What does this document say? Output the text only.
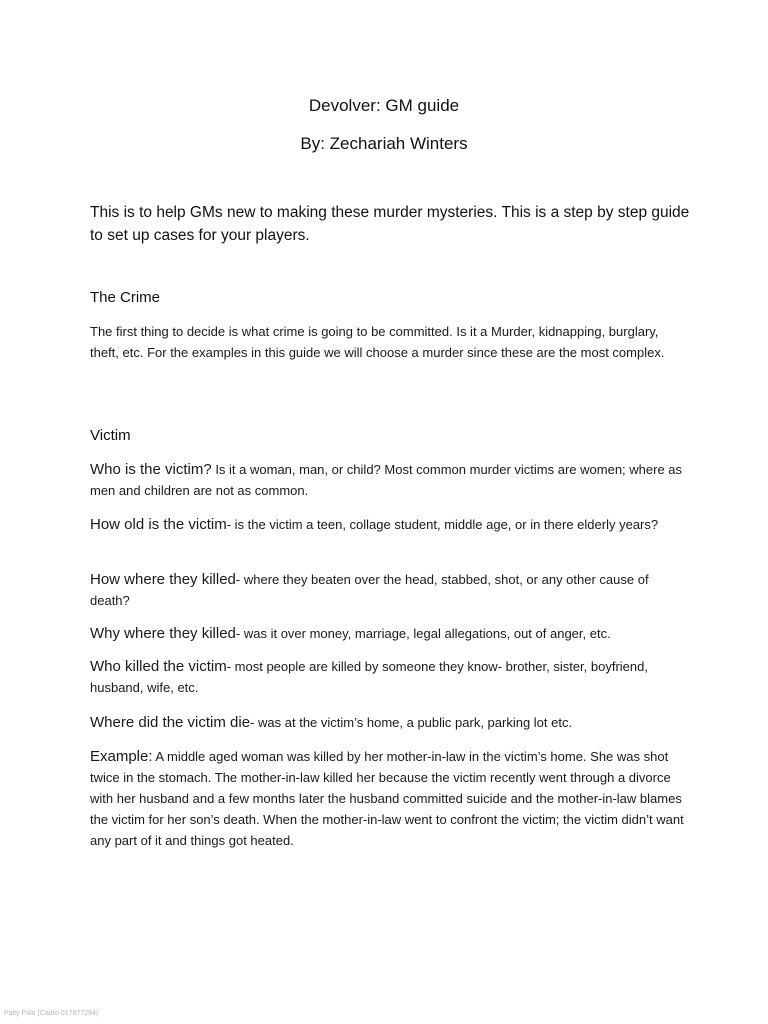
Devolver: GM guide
By: Zechariah Winters
This is to help GMs new to making these murder mysteries. This is a step by step guide to set up cases for your players.
The Crime
The first thing to decide is what crime is going to be committed. Is it a Murder, kidnapping, burglary, theft, etc. For the examples in this guide we will choose a murder since these are the most complex.
Victim
Who is the victim? Is it a woman, man, or child? Most common murder victims are women; where as men and children are not as common.
How old is the victim- is the victim a teen, collage student, middle age, or in there elderly years?
How where they killed- where they beaten over the head, stabbed, shot, or any other cause of death?
Why where they killed- was it over money, marriage, legal allegations, out of anger, etc.
Who killed the victim- most people are killed by someone they know- brother, sister, boyfriend, husband, wife, etc.
Where did the victim die- was at the victim’s home, a public park, parking lot etc.
Example: A middle aged woman was killed by her mother-in-law in the victim’s home. She was shot twice in the stomach. The mother-in-law killed her because the victim recently went through a divorce with her husband and a few months later the husband committed suicide and the mother-in-law blames the victim for her son’s death. When the mother-in-law went to confront the victim; the victim didn’t want any part of it and things got heated.
Palty Palo (Cadro 017877294)
